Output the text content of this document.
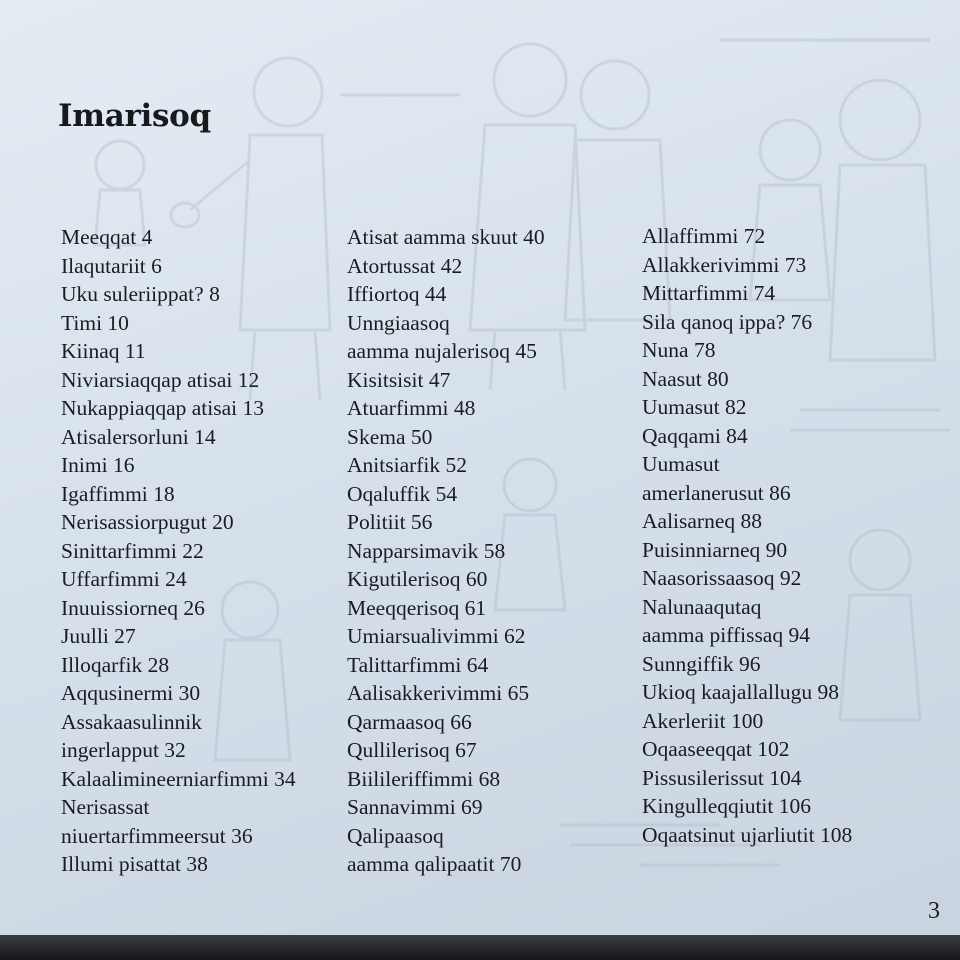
Imarisoq
Meeqqat 4
Ilaqutariit 6
Uku suleriippat? 8
Timi 10
Kiinaq 11
Niviarsiaqqap atisai 12
Nukappiaqqap atisai 13
Atisalersorluni 14
Inimi 16
Igaffimmi 18
Nerisassiorpugut 20
Sinittarfimmi 22
Uffarfimmi 24
Inuuissiorneq 26
Juulli 27
Illoqarfik 28
Aqqusinermi 30
Assakaasulinnik
ingerlapput 32
Kalaalimineerniarfimmi 34
Nerisassat
niuertarfimmeersut 36
Illumi pisattat 38
Atisat aamma skuut 40
Atortussat 42
Iffiortoq 44
Unngiaasoq
aamma nujalerisoq 45
Kisitsisit 47
Atuarfimmi 48
Skema 50
Anitsiarfik 52
Oqaluffik 54
Politiit 56
Napparsimavik 58
Kigutilerisoq 60
Meeqqerisoq 61
Umiarsualivimmi 62
Talittarfimmi 64
Aalisakkerivimmi 65
Qarmaasoq 66
Qullilerisoq 67
Biilileriffimmi 68
Sannavimmi 69
Qalipaasoq
aamma qalipaatit 70
Allaffimmi 72
Allakkerivimmi 73
Mittarfimmi 74
Sila qanoq ippa? 76
Nuna 78
Naasut 80
Uumasut 82
Qaqqami 84
Uumasut
amerlanerusut 86
Aalisarneq 88
Puisinniarneq 90
Naasorissaasoq 92
Nalunaaqutaq
aamma piffissaq 94
Sunngiffik 96
Ukioq kaajallallugu 98
Akerleriit 100
Oqaaseeqqat 102
Pissusilerissut 104
Kingulleqqiutit 106
Oqaatsinut ujarliutit 108
3
